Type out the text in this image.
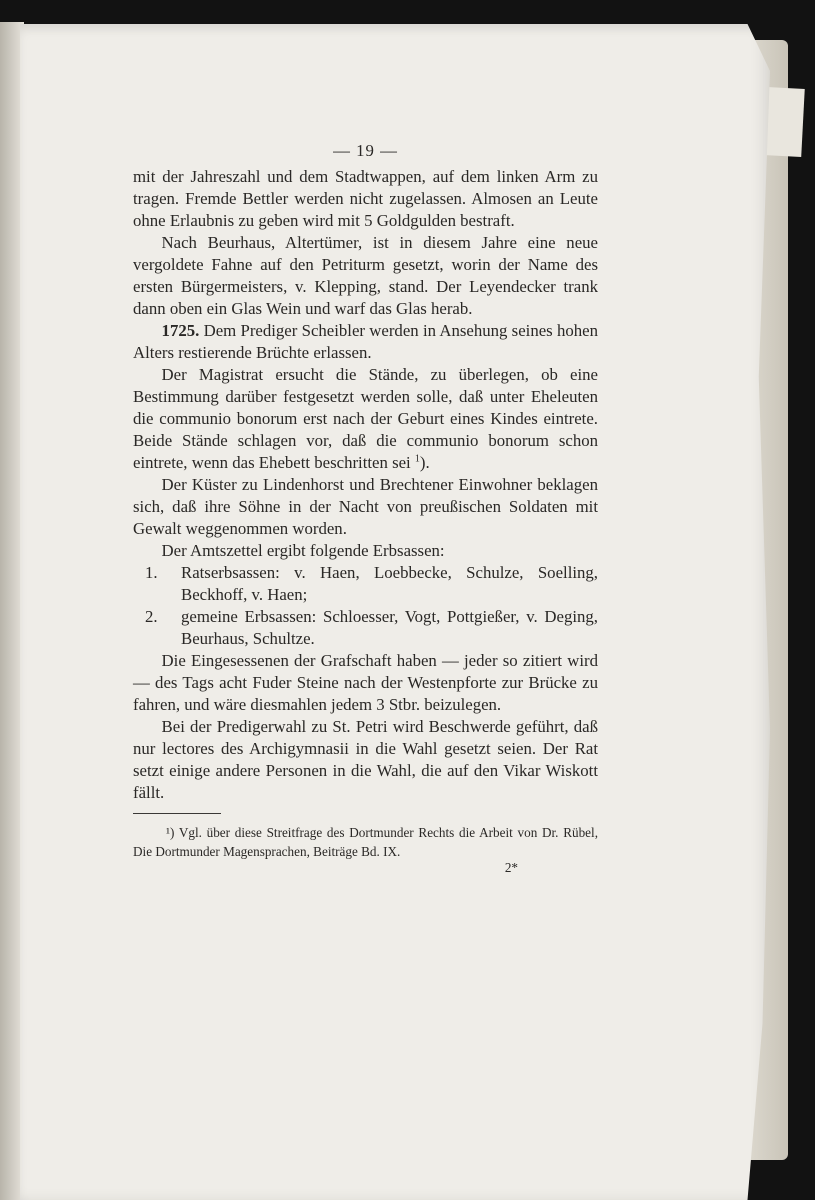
— 19 —

mit der Jahreszahl und dem Stadtwappen, auf dem linken Arm zu tragen. Fremde Bettler werden nicht zugelassen. Almosen an Leute ohne Erlaubnis zu geben wird mit 5 Goldgulden bestraft.

Nach Beurhaus, Altertümer, ist in diesem Jahre eine neue vergoldete Fahne auf den Petriturm gesetzt, worin der Name des ersten Bürgermeisters, v. Klepping, stand. Der Leyendecker trank dann oben ein Glas Wein und warf das Glas herab.

1725. Dem Prediger Scheibler werden in Ansehung seines hohen Alters restierende Brüchte erlassen.

Der Magistrat ersucht die Stände, zu überlegen, ob eine Bestimmung darüber festgesetzt werden solle, daß unter Eheleuten die communio bonorum erst nach der Geburt eines Kindes eintrete. Beide Stände schlagen vor, daß die communio bonorum schon eintrete, wenn das Ehebett beschritten sei $^1$).

Der Küster zu Lindenhorst und Brechtener Einwohner beklagen sich, daß ihre Söhne in der Nacht von preußischen Soldaten mit Gewalt weggenommen worden.

Der Amtszettel ergibt folgende Erbsassen:

1.	Ratserbsassen: v. Haen, Loebbecke, Schulze, Soelling, Beckhoff, v. Haen;
2.	gemeine Erbsassen: Schloesser, Vogt, Pottgießer, v. Deging, Beurhaus, Schultze.

Die Eingesessenen der Grafschaft haben — jeder so zitiert wird — des Tags acht Fuder Steine nach der Westenpforte zur Brücke zu fahren, und wäre diesmahlen jedem 3 Stbr. beizulegen.

Bei der Predigerwahl zu St. Petri wird Beschwerde geführt, daß nur lectores des Archigymnasii in die Wahl gesetzt seien. Der Rat setzt einige andere Personen in die Wahl, die auf den Vikar Wiskott fällt.

¹) Vgl. über diese Streitfrage des Dortmunder Rechts die Arbeit von Dr. Rübel, Die Dortmunder Magensprachen, Beiträge Bd. IX.

2*
